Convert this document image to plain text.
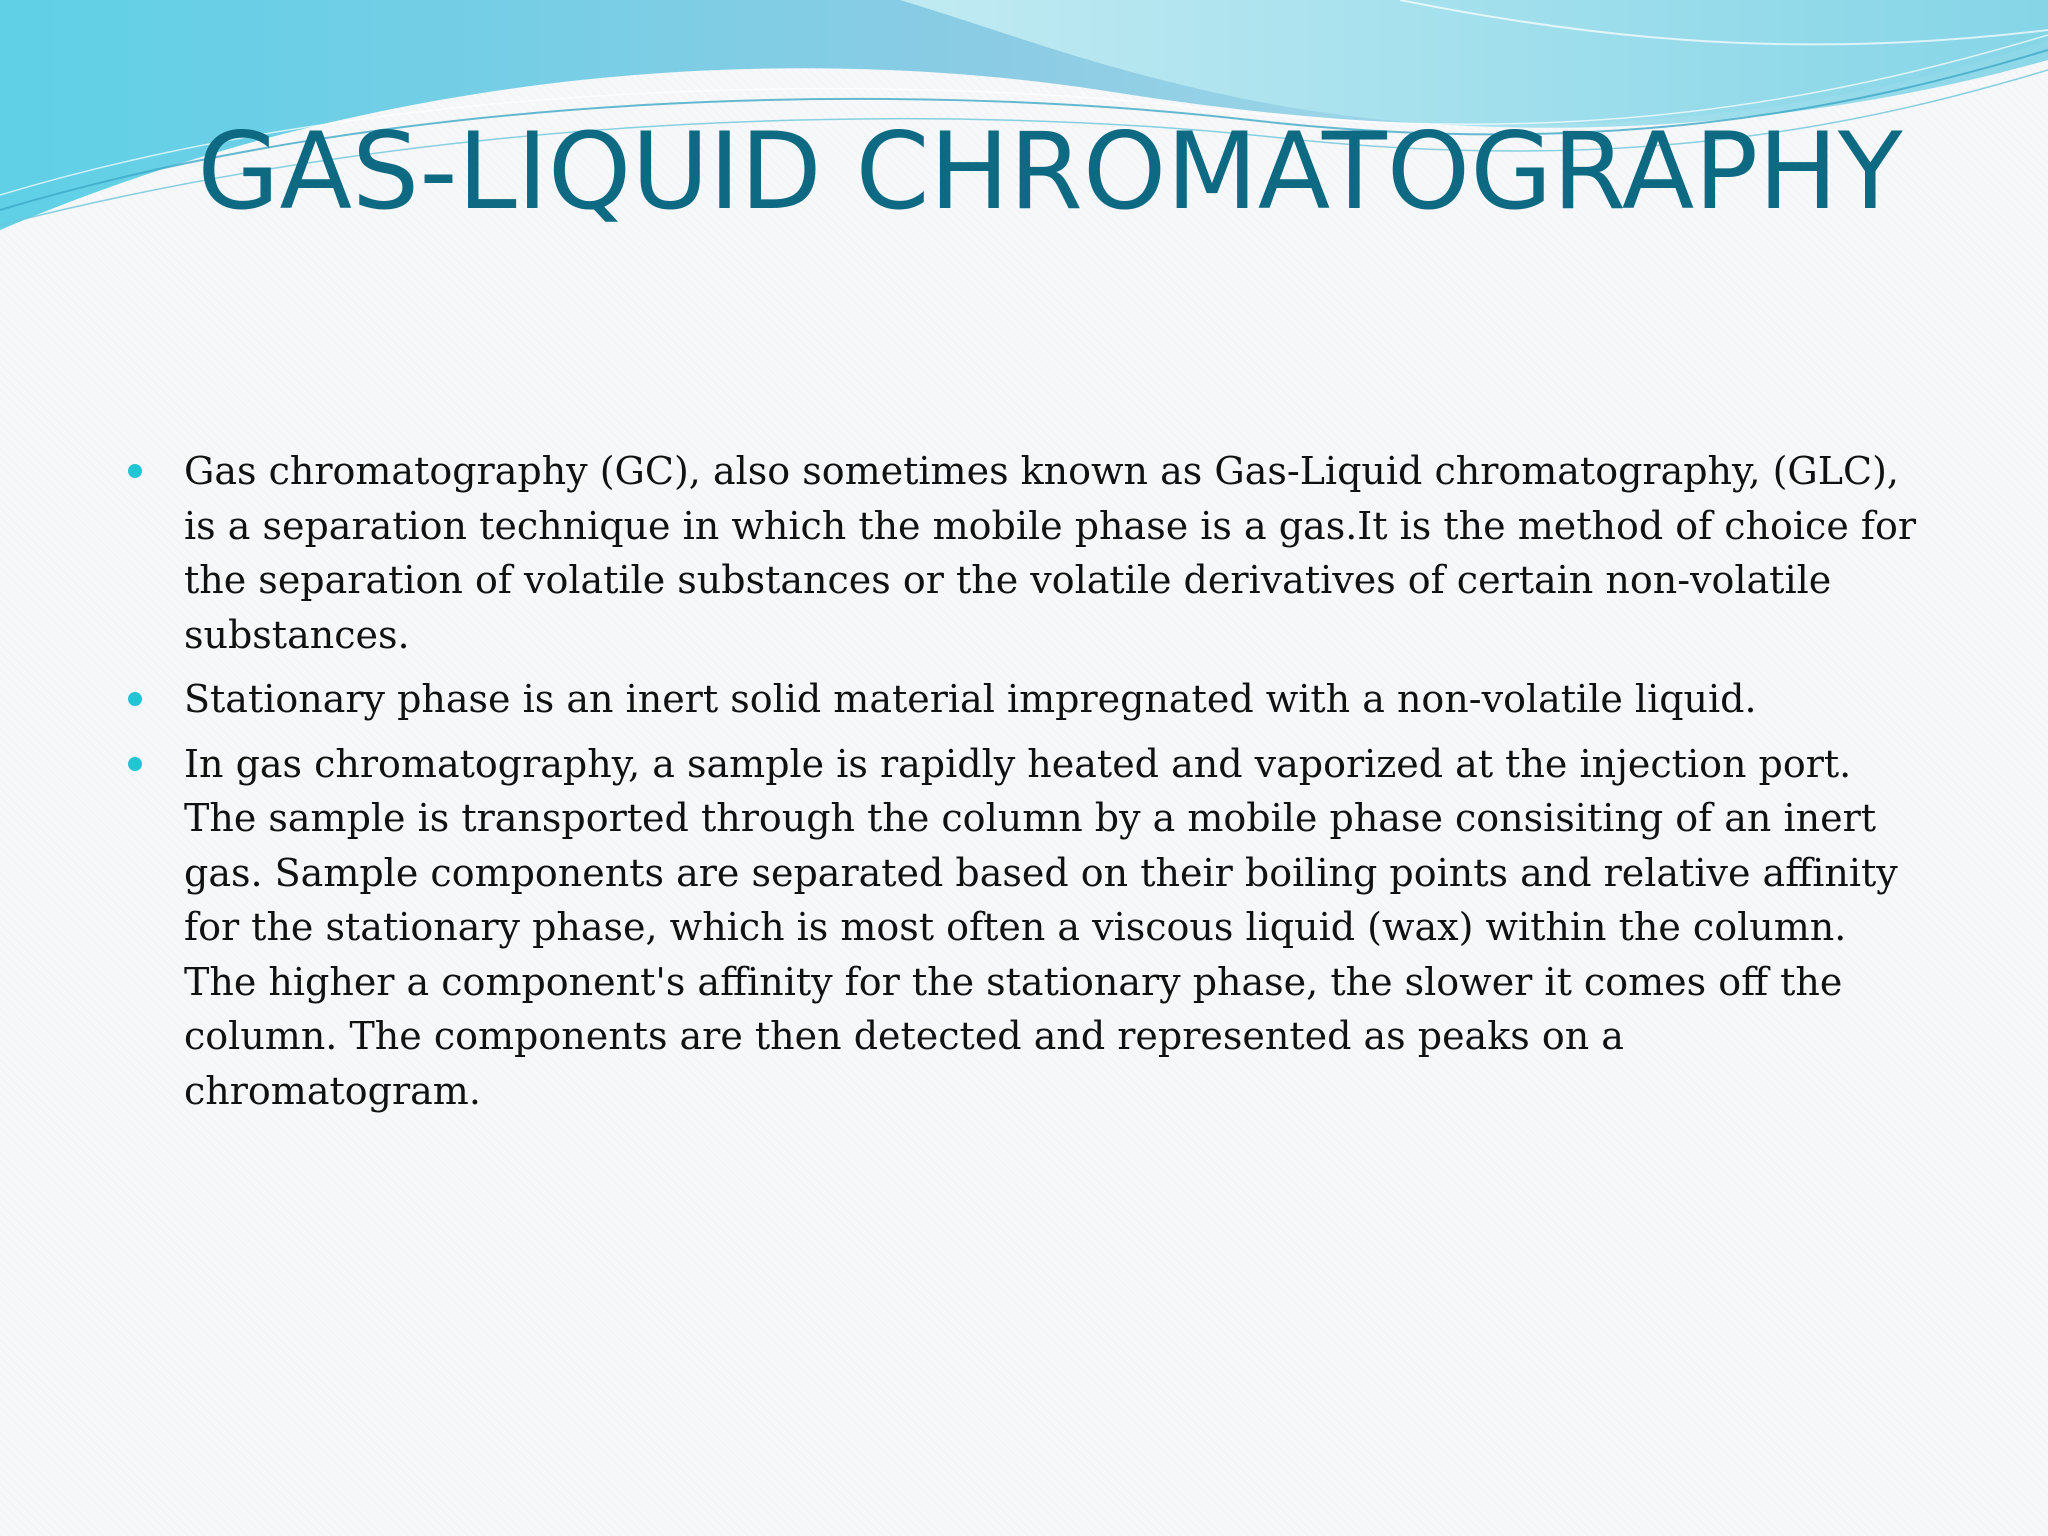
GAS-LIQUID CHROMATOGRAPHY
Gas chromatography (GC), also sometimes known as Gas-Liquid chromatography, (GLC), is a separation technique in which the mobile phase is a gas.It is the method of choice for the separation of volatile substances or the volatile derivatives of certain non-volatile substances.
Stationary phase is an inert solid material impregnated with a non-volatile liquid.
In gas chromatography, a sample is rapidly heated and vaporized at the injection port. The sample is transported through the column by a mobile phase consisiting of an inert gas. Sample components are separated based on their boiling points and relative affinity for the stationary phase, which is most often a viscous liquid (wax) within the column. The higher a component's affinity for the stationary phase, the slower it comes off the column. The components are then detected and represented as peaks on a chromatogram.
